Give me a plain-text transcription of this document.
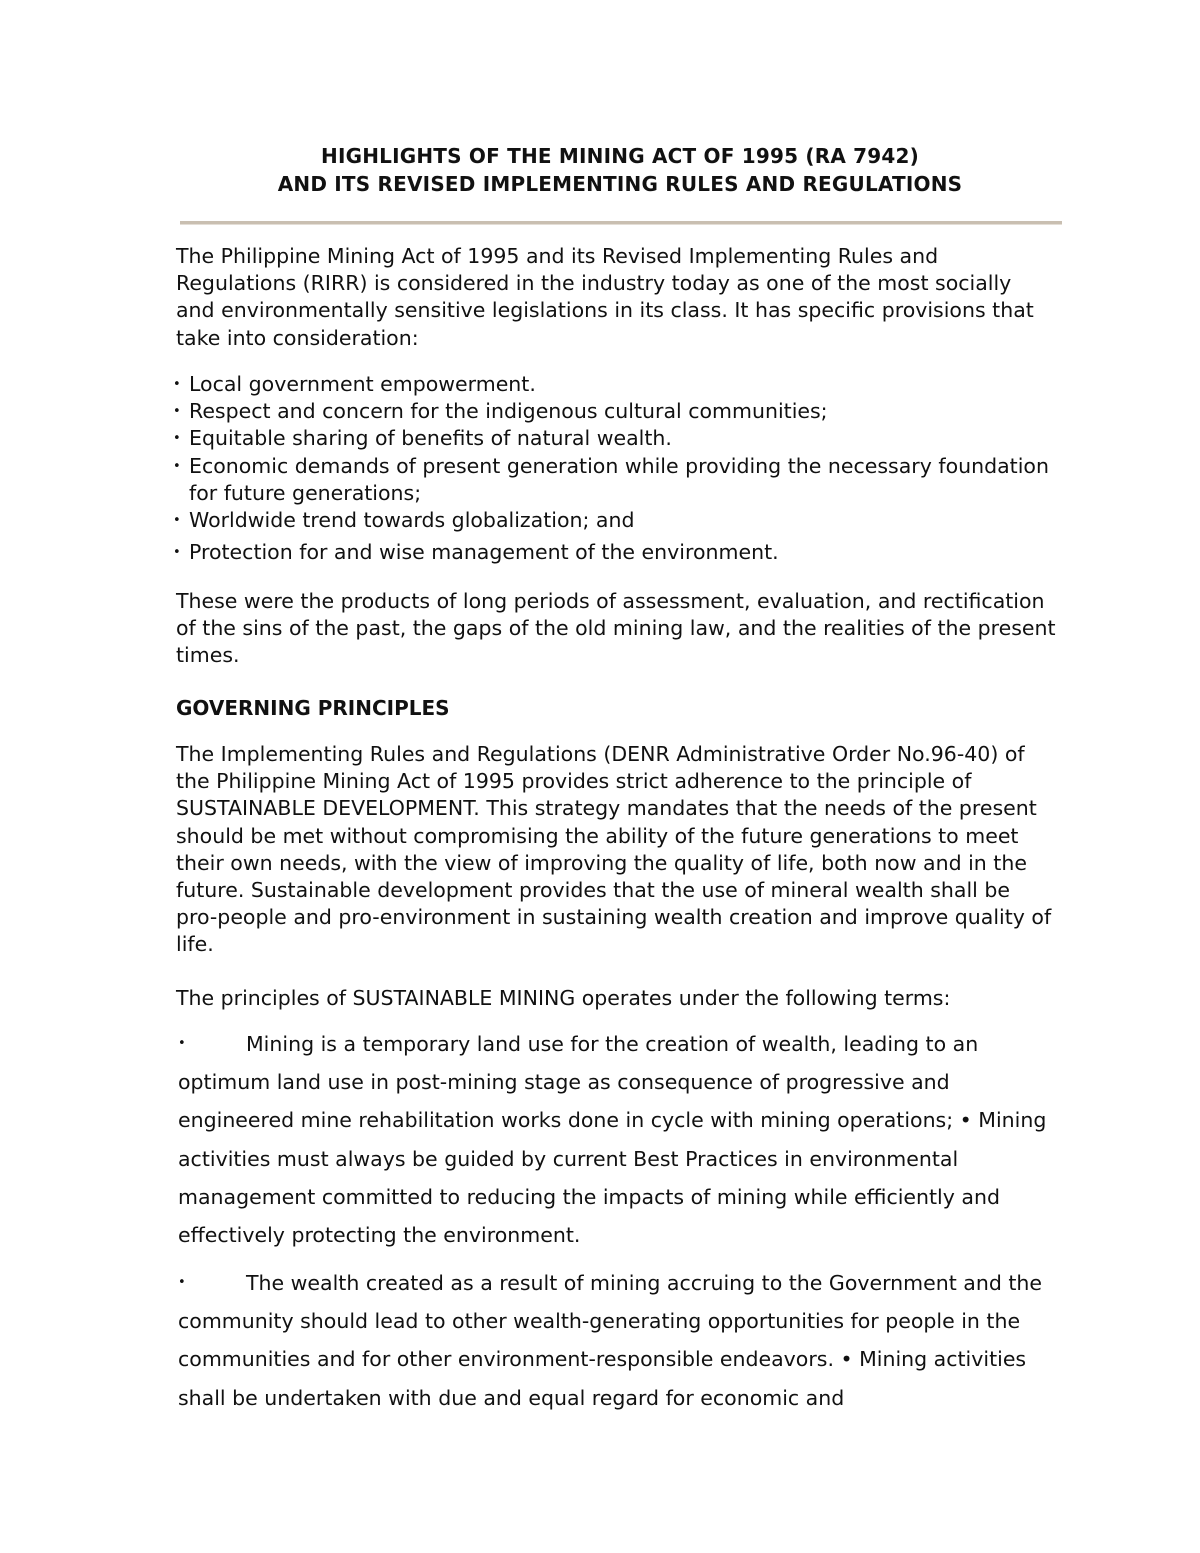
HIGHLIGHTS OF THE MINING ACT OF 1995 (RA 7942)
AND ITS REVISED IMPLEMENTING RULES AND REGULATIONS

The Philippine Mining Act of 1995 and its Revised Implementing Rules and Regulations (RIRR) is considered in the industry today as one of the most socially and environmentally sensitive legislations in its class. It has specific provisions that take into consideration:

• Local government empowerment.
• Respect and concern for the indigenous cultural communities;
• Equitable sharing of benefits of natural wealth.
• Economic demands of present generation while providing the necessary foundation for future generations;
• Worldwide trend towards globalization; and
• Protection for and wise management of the environment.

These were the products of long periods of assessment, evaluation, and rectification of the sins of the past, the gaps of the old mining law, and the realities of the present times.

GOVERNING PRINCIPLES

The Implementing Rules and Regulations (DENR Administrative Order No.96-40) of the Philippine Mining Act of 1995 provides strict adherence to the principle of SUSTAINABLE DEVELOPMENT. This strategy mandates that the needs of the present should be met without compromising the ability of the future generations to meet their own needs, with the view of improving the quality of life, both now and in the future. Sustainable development provides that the use of mineral wealth shall be pro-people and pro-environment in sustaining wealth creation and improve quality of life.

The principles of SUSTAINABLE MINING operates under the following terms:

•	Mining is a temporary land use for the creation of wealth, leading to an optimum land use in post-mining stage as consequence of progressive and engineered mine rehabilitation works done in cycle with mining operations; • Mining activities must always be guided by current Best Practices in environmental management committed to reducing the impacts of mining while efficiently and effectively protecting the environment.

•	The wealth created as a result of mining accruing to the Government and the community should lead to other wealth-generating opportunities for people in the communities and for other environment-responsible endeavors. • Mining activities shall be undertaken with due and equal regard for economic and
